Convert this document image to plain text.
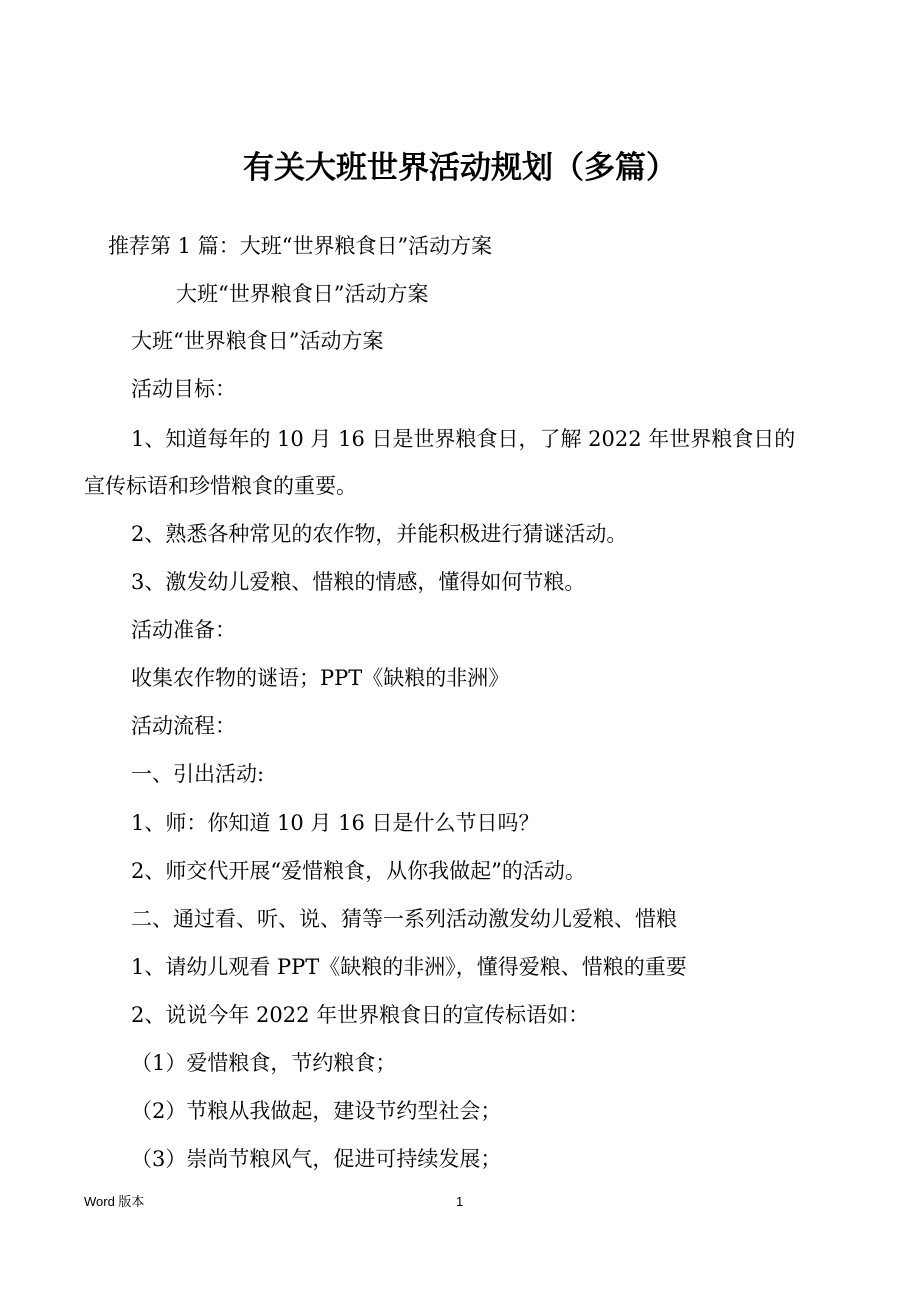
有关大班世界活动规划（多篇）
推荐第 1 篇：大班“世界粮食日”活动方案
大班“世界粮食日”活动方案
大班“世界粮食日”活动方案
活动目标：
1、知道每年的 10 月 16 日是世界粮食日，了解 2022 年世界粮食日的
宣传标语和珍惜粮食的重要。
2、熟悉各种常见的农作物，并能积极进行猜谜活动。
3、激发幼儿爱粮、惜粮的情感，懂得如何节粮。
活动准备：
收集农作物的谜语；PPT《缺粮的非洲》
活动流程：
一、引出活动:
1、师：你知道 10 月 16 日是什么节日吗？
2、师交代开展“爱惜粮食，从你我做起”的活动。
二、通过看、听、说、猜等一系列活动激发幼儿爱粮、惜粮
1、请幼儿观看 PPT《缺粮的非洲》，懂得爱粮、惜粮的重要
2、说说今年 2022 年世界粮食日的宣传标语如：
（1）爱惜粮食，节约粮食；
（2）节粮从我做起，建设节约型社会；
（3）崇尚节粮风气，促进可持续发展；
Word 版本	1
